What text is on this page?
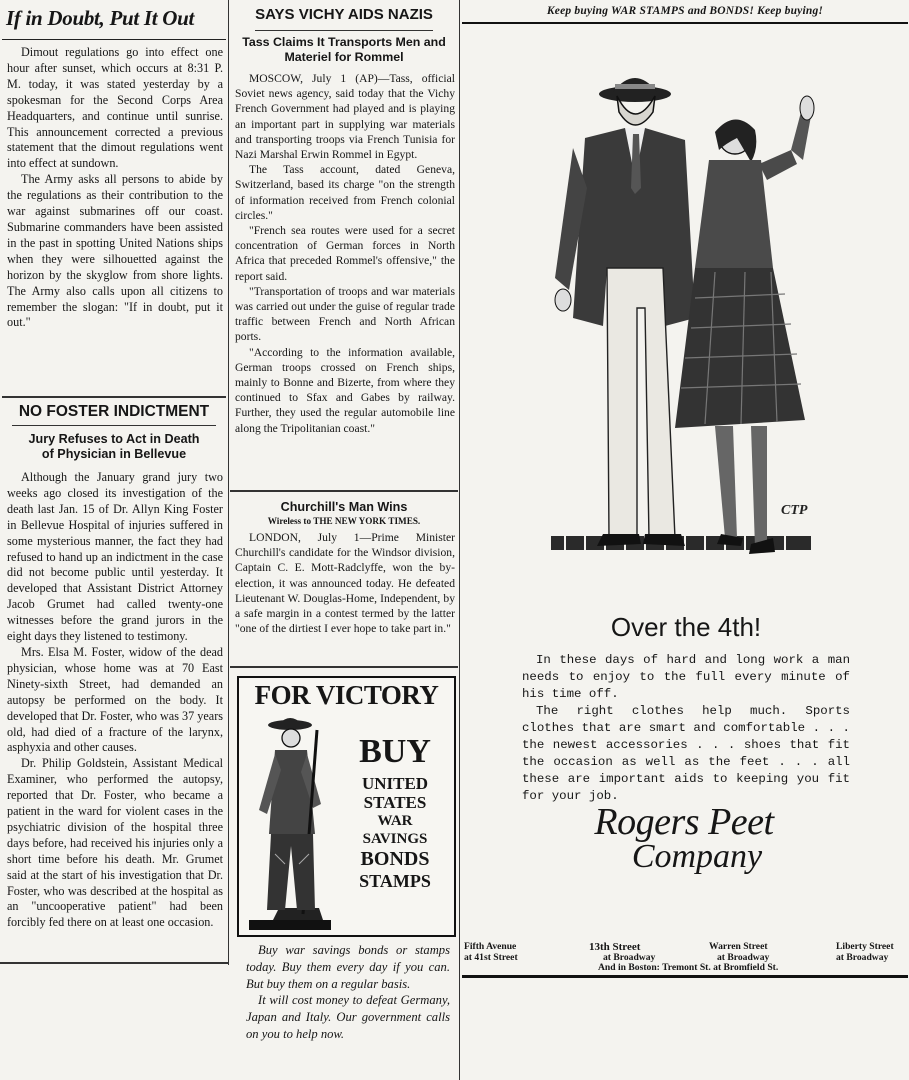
If in Doubt, Put It Out

Dimout regulations go into effect one hour after sunset, which occurs at 8:31 P. M. today, it was stated yesterday by a spokesman for the Second Corps Area Headquarters, and continue until sunrise. This announcement corrected a previous statement that the dimout regulations went into effect at sundown.

The Army asks all persons to abide by the regulations as their contribution to the war against submarines off our coast. Submarine commanders have been assisted in the past in spotting United Nations ships when they were silhouetted against the horizon by the skyglow from shore lights. The Army also calls upon all citizens to remember the slogan: "If in doubt, put it out."

NO FOSTER INDICTMENT
Jury Refuses to Act in Death of Physician in Bellevue

Although the January grand jury two weeks ago closed its investigation of the death last Jan. 15 of Dr. Allyn King Foster in Bellevue Hospital of injuries suffered in some mysterious manner, the fact they had refused to hand up an indictment in the case did not become public until yesterday. It developed that Assistant District Attorney Jacob Grumet had called twenty-one witnesses before the grand jurors in the eight days they listened to testimony.

Mrs. Elsa M. Foster, widow of the dead physician, whose home was at 70 East Ninety-sixth Street, had demanded an autopsy be performed on the body. It developed that Dr. Foster, who was 37 years old, had died of a fracture of the larynx, asphyxia and other causes.

Dr. Philip Goldstein, Assistant Medical Examiner, who performed the autopsy, reported that Dr. Foster, who became a patient in the ward for violent cases in the psychiatric division of the hospital three days before, had received his injuries only a short time before his death. Mr. Grumet said at the start of his investigation that Dr. Foster, who was described at the hospital as an "uncooperative patient" had been forcibly fed there on at least one occasion.

SAYS VICHY AIDS NAZIS
Tass Claims It Transports Men and Materiel for Rommel

MOSCOW, July 1 (AP)—Tass, official Soviet news agency, said today that the Vichy French Government had played and is playing an important part in supplying war materials and transporting troops via French Tunisia for Nazi Marshal Erwin Rommel in Egypt.

The Tass account, dated Geneva, Switzerland, based its charge "on the strength of information received from French colonial circles."

"French sea routes were used for a secret concentration of German forces in North Africa that preceded Rommel's offensive," the report said.

"Transportation of troops and war materials was carried out under the guise of regular trade traffic between French and North African ports.

"According to the information available, German troops crossed on French ships, mainly to Bonne and Bizerte, from where they continued to Sfax and Gabes by railway. Further, they used the regular automobile line along the Tripolitanian coast."

Churchill's Man Wins
Wireless to THE NEW YORK TIMES.

LONDON, July 1—Prime Minister Churchill's candidate for the Windsor division, Captain C. E. Mott-Radclyffe, won the by-election, it was announced today. He defeated Lieutenant W. Douglas-Home, Independent, by a safe margin in a contest termed by the latter "one of the dirtiest I ever hope to take part in."

FOR VICTORY
BUY
UNITED
STATES
WAR
SAVINGS
BONDS
STAMPS

Buy war savings bonds or stamps today. Buy them every day if you can. But buy them on a regular basis.

It will cost money to defeat Germany, Japan and Italy. Our government calls on you to help now.

Keep buying WAR STAMPS and BONDS! Keep buying!
CTP
Over the 4th!

In these days of hard and long work a man needs to enjoy to the full every minute of his time off.

The right clothes help much. Sports clothes that are smart and comfortable . . . the newest accessories . . . shoes that fit the occasion as well as the feet . . . all these are important aids to keeping you fit for your job.

Rogers Peet
Company
Fifth Avenue
at 41st Street
13th Street
at Broadway
Warren Street
at Broadway
Liberty Street
at Broadway
And in Boston: Tremont St. at Bromfield St.
